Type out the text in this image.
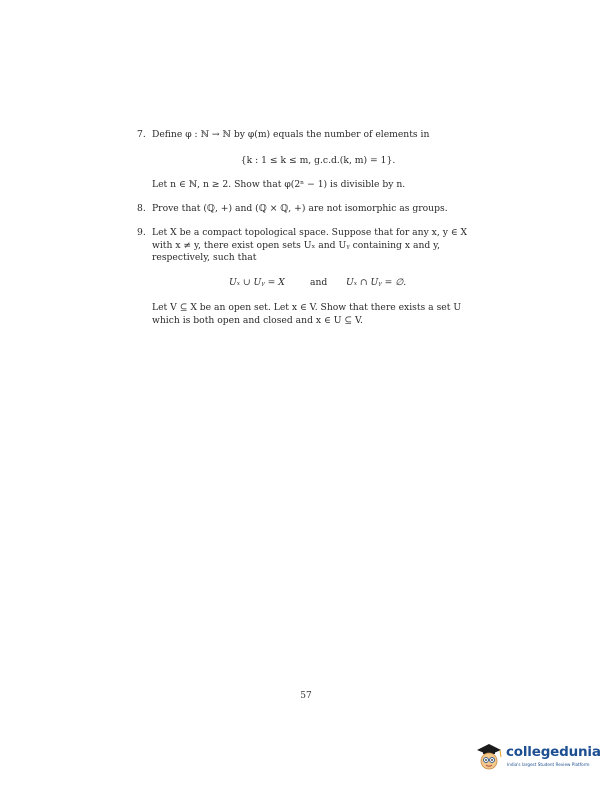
7. Define φ : ℕ → ℕ by φ(m) equals the number of elements in
{k : 1 ≤ k ≤ m, g.c.d.(k, m) = 1}.
Let n ∈ ℕ, n ≥ 2. Show that φ(2ⁿ − 1) is divisible by n.
8. Prove that (ℚ, +) and (ℚ × ℚ, +) are not isomorphic as groups.
9. Let X be a compact topological space. Suppose that for any x, y ∈ X
with x ≠ y, there exist open sets Uₓ and Uᵧ containing x and y,
respectively, such that
Uₓ ∪ Uᵧ = X	and Uₓ ∩ Uᵧ = ∅.
Let V ⊆ X be an open set. Let x ∈ V. Show that there exists a set U
which is both open and closed and x ∈ U ⊆ V.
57
collegedunia
India's largest Student Review Platform
